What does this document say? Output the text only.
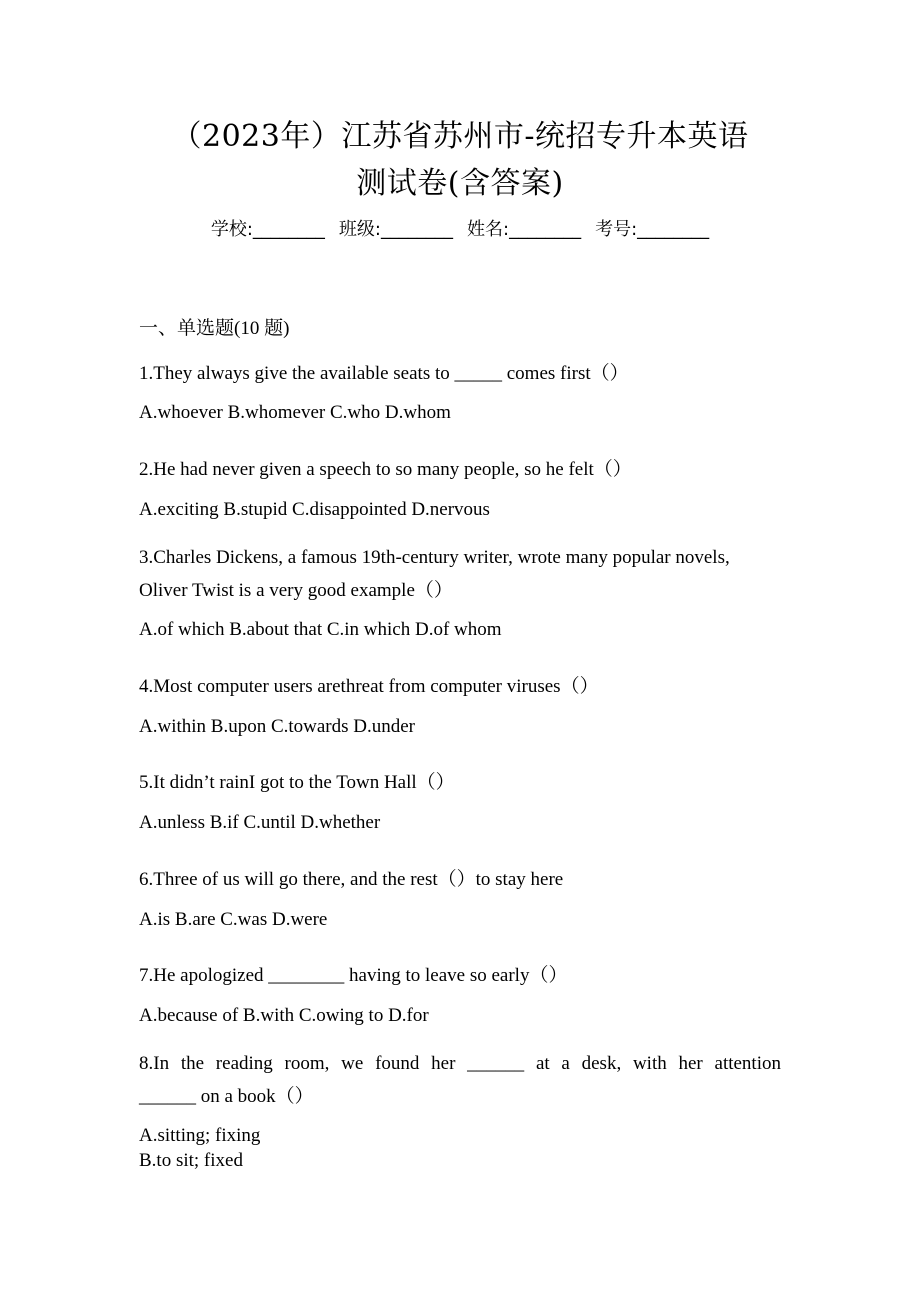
（2023年）江苏省苏州市-统招专升本英语
测试卷(含答案)
学校:________ 班级:________ 姓名:________ 考号:________
一、单选题(10 题)
1.They always give the available seats to _____ comes first（）
A.whoever B.whomever C.who D.whom
2.He had never given a speech to so many people, so he felt（）
A.exciting B.stupid C.disappointed D.nervous
3.Charles Dickens, a famous 19th-century writer, wrote many popular novels,
Oliver Twist is a very good example（）
A.of which B.about that C.in which D.of whom
4.Most computer users arethreat from computer viruses（）
A.within B.upon C.towards D.under
5.It didn’t rainI got to the Town Hall（）
A.unless B.if C.until D.whether
6.Three of us will go there, and the rest（）to stay here
A.is B.are C.was D.were
7.He apologized ________ having to leave so early（）
A.because of B.with C.owing to D.for
8.In the reading room, we found her ______ at a desk, with her attention
______ on a book（）
A.sitting; fixing
B.to sit; fixed
